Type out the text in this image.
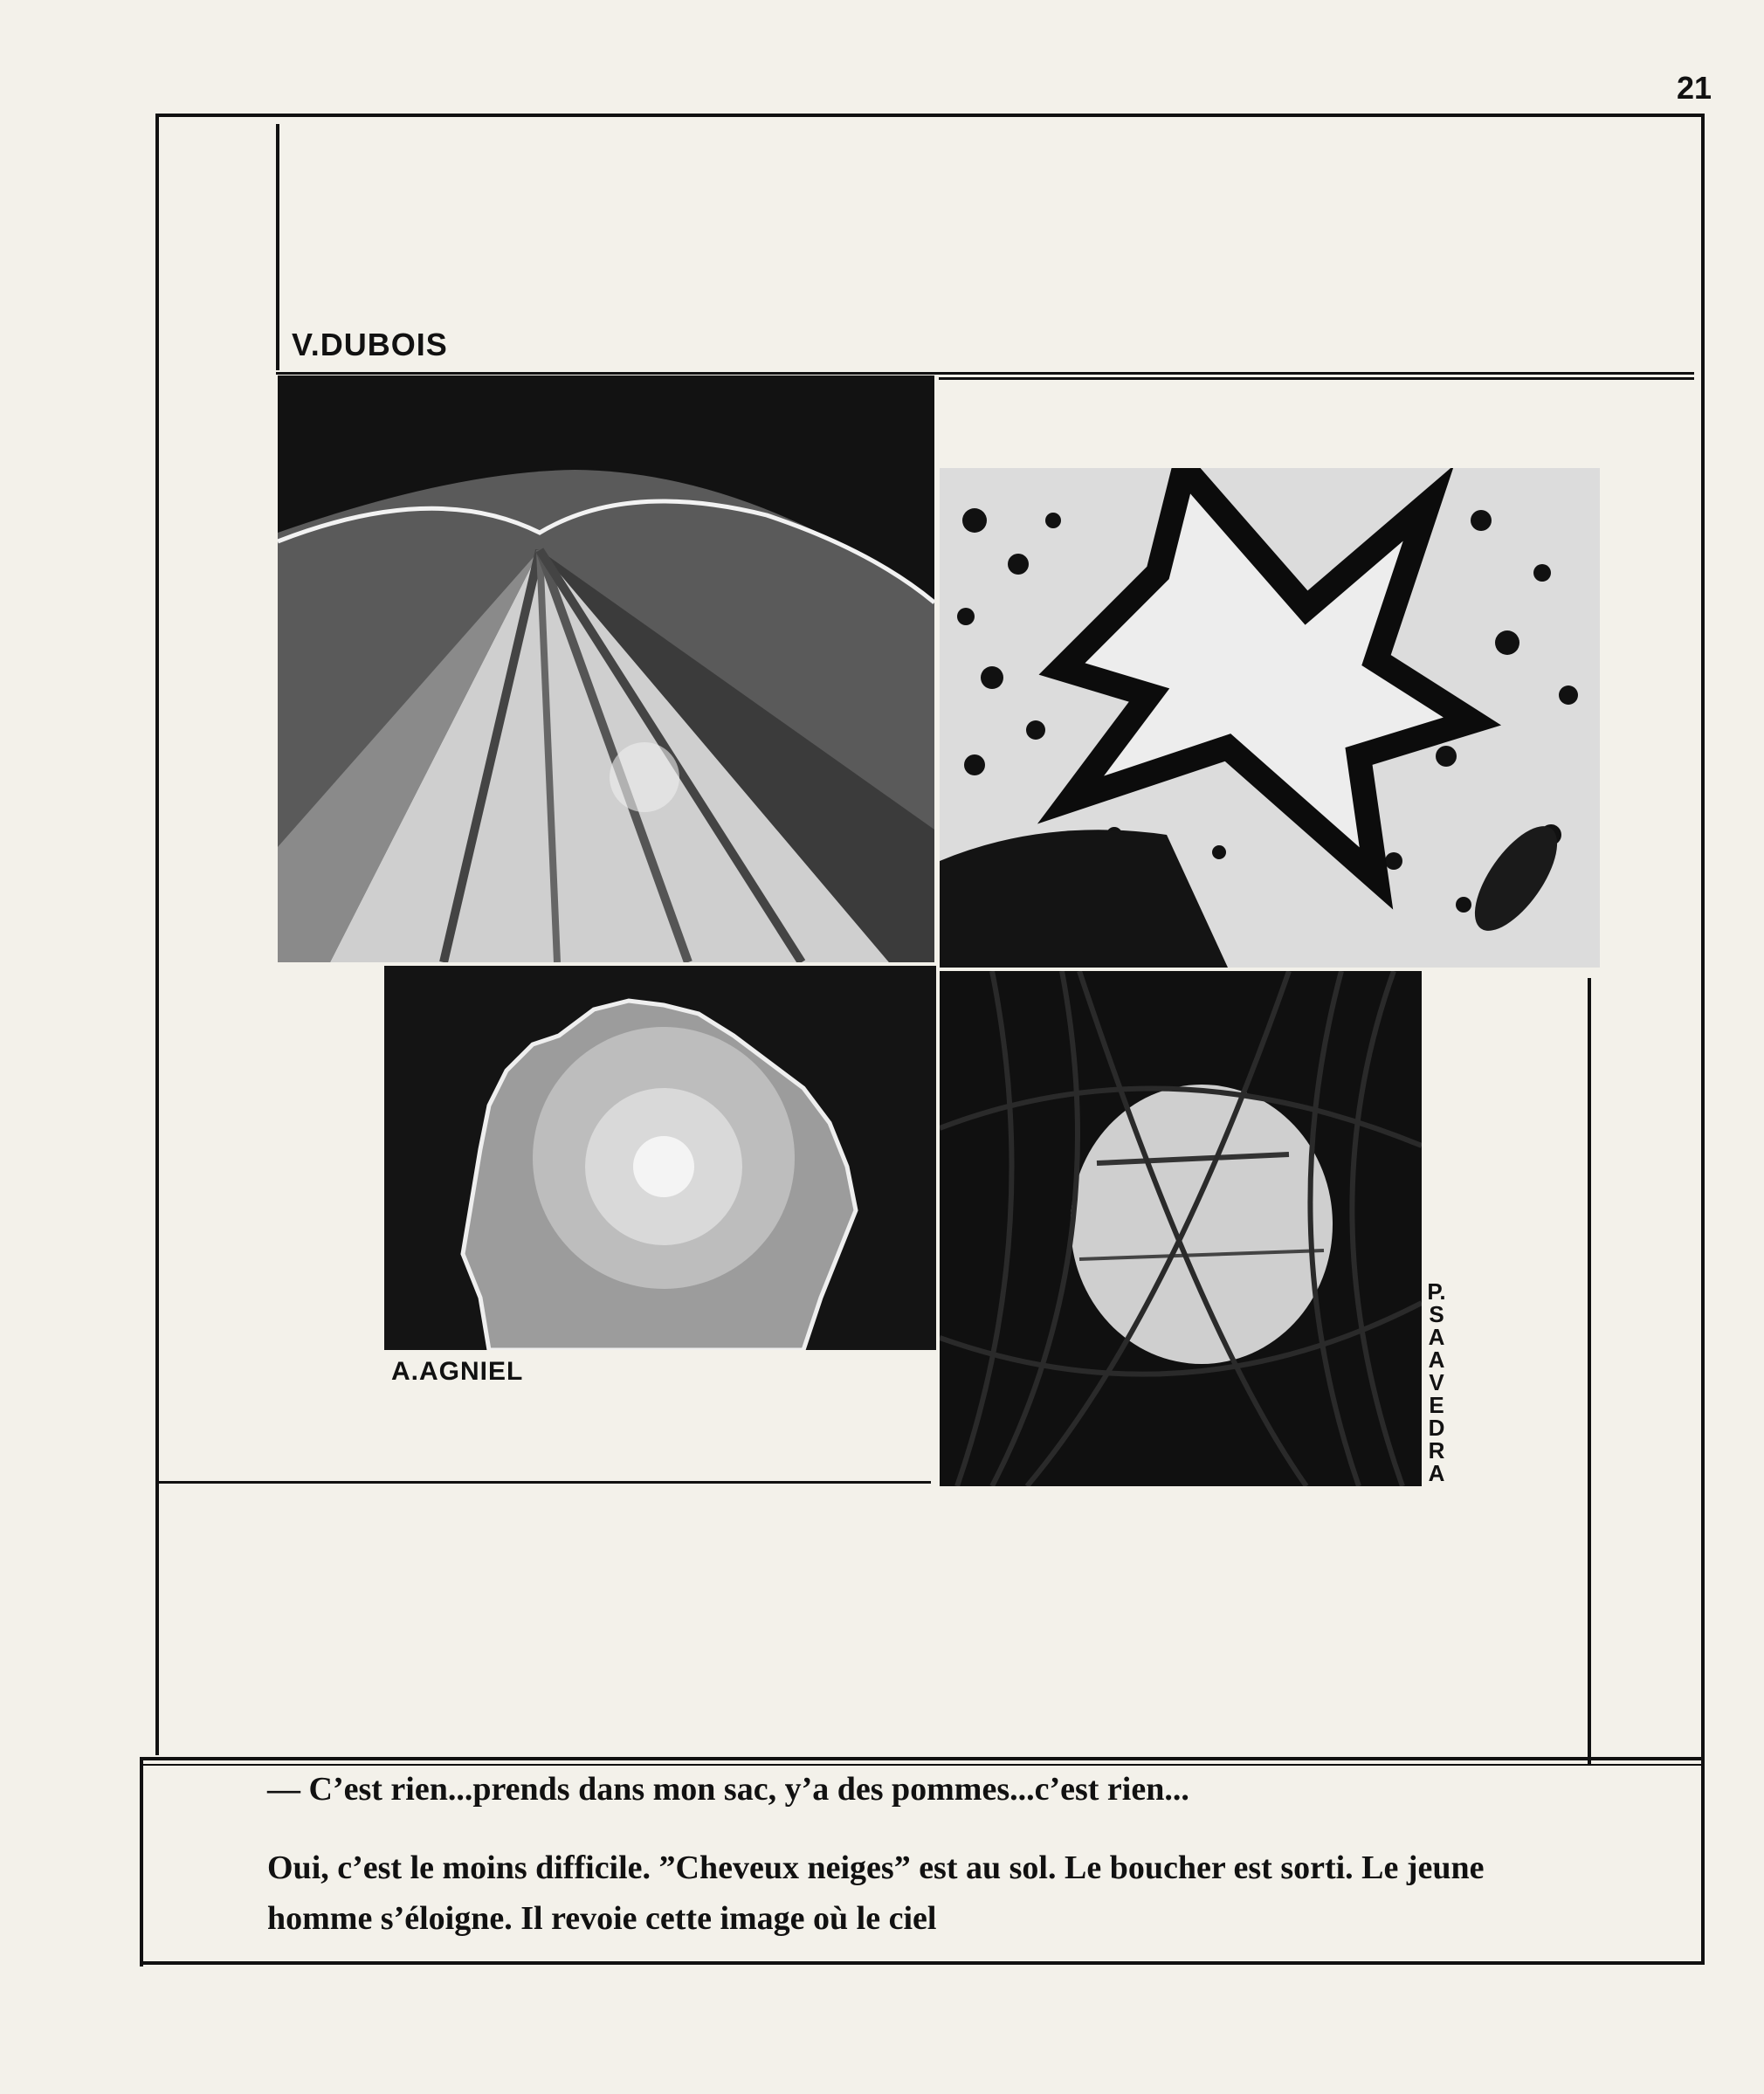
21
V.DUBOIS
A.AGNIEL
P.SAAVEDRA

— C’est rien...prends dans mon sac, y’a des pommes...c’est rien...

Oui, c’est le moins difficile. ”Cheveux neiges” est au sol. Le boucher est sorti. Le jeune homme s’éloigne. Il revoie cette image où le ciel
